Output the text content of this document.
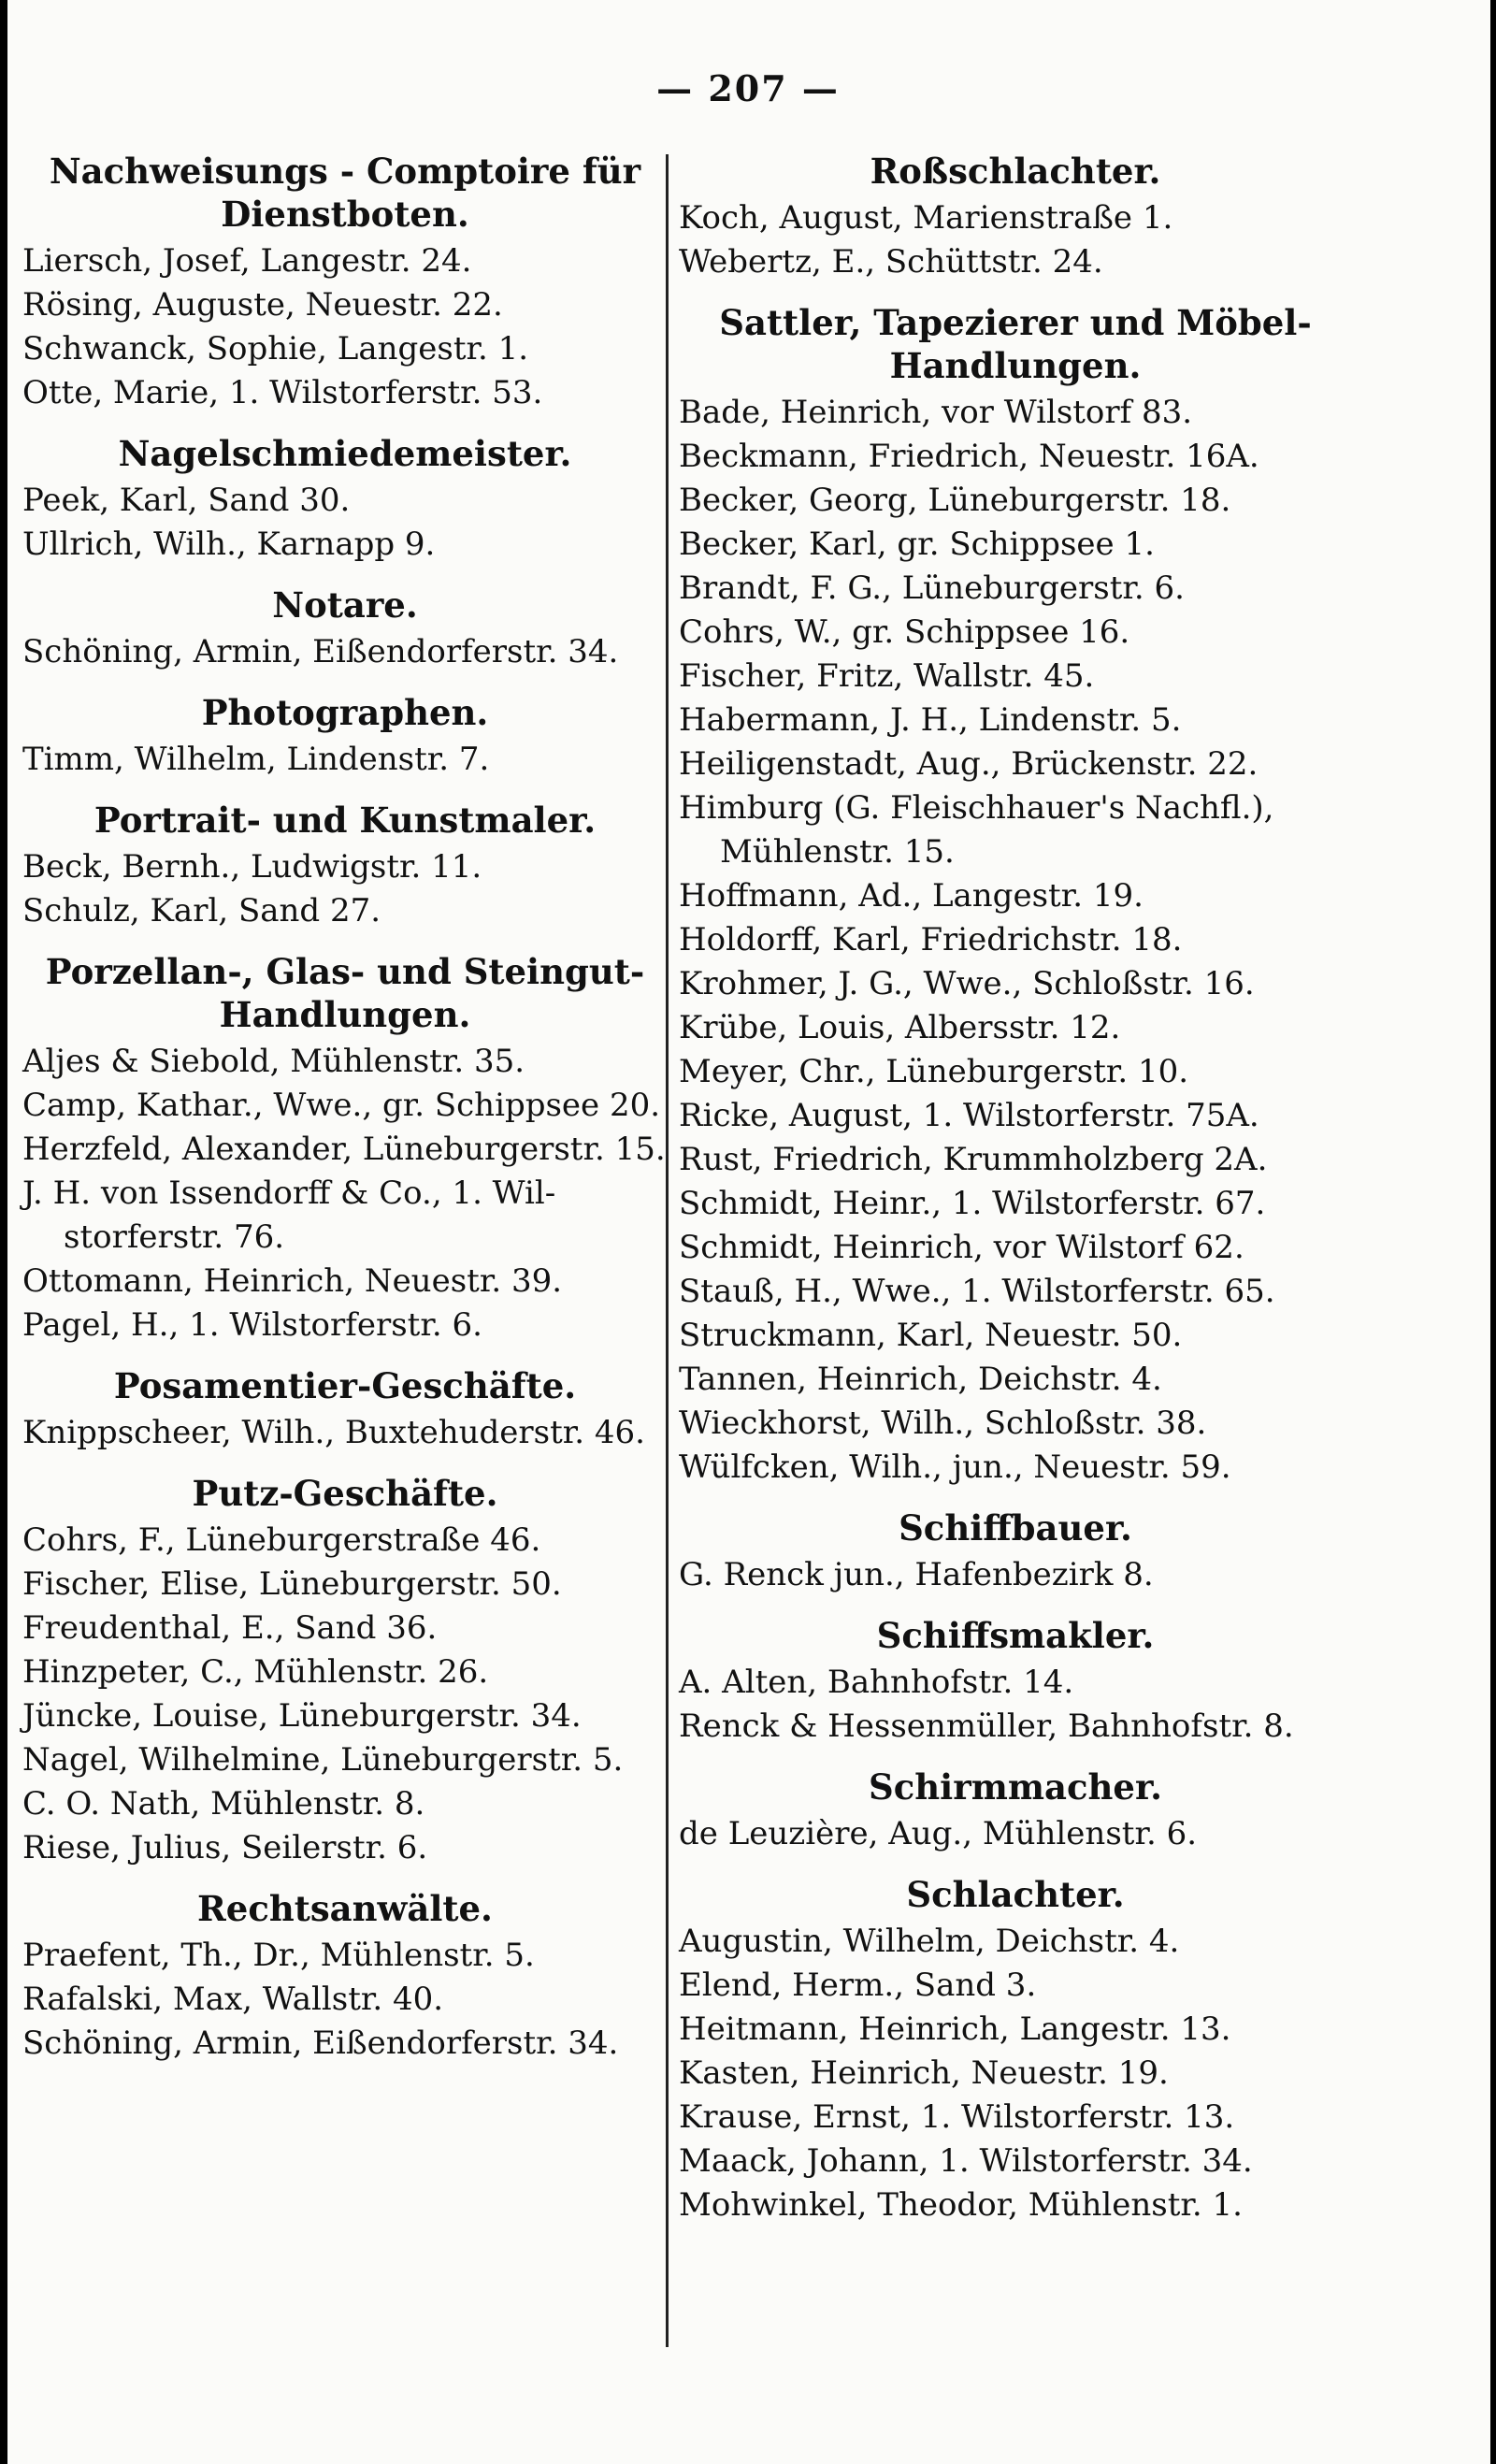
— 207 —
Nachweisungs - Comptoire für Dienstboten.
Liersch, Josef, Langestr. 24.
Rösing, Auguste, Neuestr. 22.
Schwanck, Sophie, Langestr. 1.
Otte, Marie, 1. Wilstorferstr. 53.
Nagelschmiedemeister.
Peek, Karl, Sand 30.
Ullrich, Wilh., Karnapp 9.
Notare.
Schöning, Armin, Eißendorferstr. 34.
Photographen.
Timm, Wilhelm, Lindenstr. 7.
Portrait- und Kunstmaler.
Beck, Bernh., Ludwigstr. 11.
Schulz, Karl, Sand 27.
Porzellan-, Glas- und Steingut-Handlungen.
Aljes & Siebold, Mühlenstr. 35.
Camp, Kathar., Wwe., gr. Schippsee 20.
Herzfeld, Alexander, Lüneburgerstr. 15.
J. H. von Issendorff & Co., 1. Wil-
storferstr. 76.
Ottomann, Heinrich, Neuestr. 39.
Pagel, H., 1. Wilstorferstr. 6.
Posamentier-Geschäfte.
Knippscheer, Wilh., Buxtehuderstr. 46.
Putz-Geschäfte.
Cohrs, F., Lüneburgerstraße 46.
Fischer, Elise, Lüneburgerstr. 50.
Freudenthal, E., Sand 36.
Hinzpeter, C., Mühlenstr. 26.
Jüncke, Louise, Lüneburgerstr. 34.
Nagel, Wilhelmine, Lüneburgerstr. 5.
C. O. Nath, Mühlenstr. 8.
Riese, Julius, Seilerstr. 6.
Rechtsanwälte.
Praefent, Th., Dr., Mühlenstr. 5.
Rafalski, Max, Wallstr. 40.
Schöning, Armin, Eißendorferstr. 34.
Roßschlachter.
Koch, August, Marienstraße 1.
Webertz, E., Schüttstr. 24.
Sattler, Tapezierer und Möbel-Handlungen.
Bade, Heinrich, vor Wilstorf 83.
Beckmann, Friedrich, Neuestr. 16A.
Becker, Georg, Lüneburgerstr. 18.
Becker, Karl, gr. Schippsee 1.
Brandt, F. G., Lüneburgerstr. 6.
Cohrs, W., gr. Schippsee 16.
Fischer, Fritz, Wallstr. 45.
Habermann, J. H., Lindenstr. 5.
Heiligenstadt, Aug., Brückenstr. 22.
Himburg (G. Fleischhauer's Nachfl.),
Mühlenstr. 15.
Hoffmann, Ad., Langestr. 19.
Holdorff, Karl, Friedrichstr. 18.
Krohmer, J. G., Wwe., Schloßstr. 16.
Krübe, Louis, Albersstr. 12.
Meyer, Chr., Lüneburgerstr. 10.
Ricke, August, 1. Wilstorferstr. 75A.
Rust, Friedrich, Krummholzberg 2A.
Schmidt, Heinr., 1. Wilstorferstr. 67.
Schmidt, Heinrich, vor Wilstorf 62.
Stauß, H., Wwe., 1. Wilstorferstr. 65.
Struckmann, Karl, Neuestr. 50.
Tannen, Heinrich, Deichstr. 4.
Wieckhorst, Wilh., Schloßstr. 38.
Wülfcken, Wilh., jun., Neuestr. 59.
Schiffbauer.
G. Renck jun., Hafenbezirk 8.
Schiffsmakler.
A. Alten, Bahnhofstr. 14.
Renck & Hessenmüller, Bahnhofstr. 8.
Schirmmacher.
de Leuzière, Aug., Mühlenstr. 6.
Schlachter.
Augustin, Wilhelm, Deichstr. 4.
Elend, Herm., Sand 3.
Heitmann, Heinrich, Langestr. 13.
Kasten, Heinrich, Neuestr. 19.
Krause, Ernst, 1. Wilstorferstr. 13.
Maack, Johann, 1. Wilstorferstr. 34.
Mohwinkel, Theodor, Mühlenstr. 1.
